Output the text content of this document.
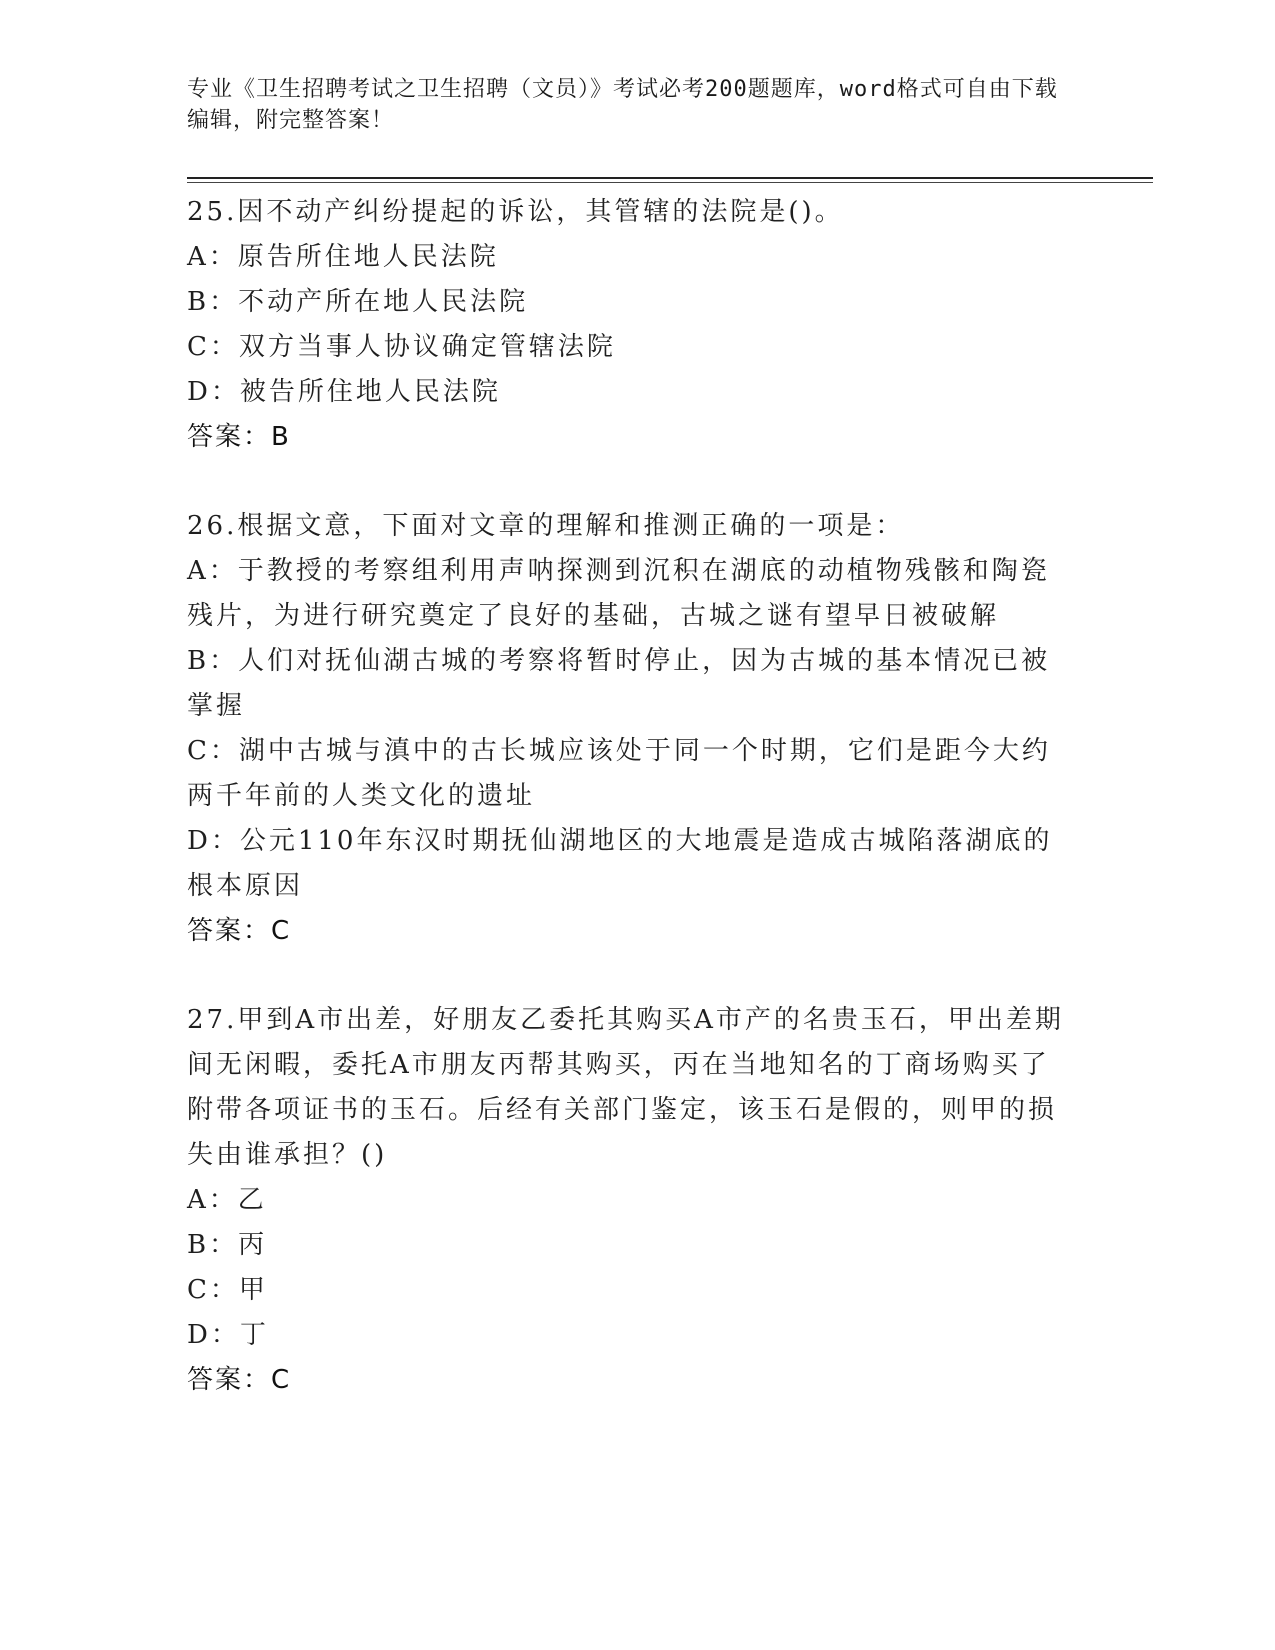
专业《卫生招聘考试之卫生招聘（文员）》考试必考200题题库，word格式可自由下载编辑，附完整答案！
25.因不动产纠纷提起的诉讼，其管辖的法院是()。
A：原告所住地人民法院
B：不动产所在地人民法院
C：双方当事人协议确定管辖法院
D：被告所住地人民法院
答案：B
26.根据文意，下面对文章的理解和推测正确的一项是：
A：于教授的考察组利用声呐探测到沉积在湖底的动植物残骸和陶瓷残片，为进行研究奠定了良好的基础，古城之谜有望早日被破解
B：人们对抚仙湖古城的考察将暂时停止，因为古城的基本情况已被掌握
C：湖中古城与滇中的古长城应该处于同一个时期，它们是距今大约两千年前的人类文化的遗址
D：公元110年东汉时期抚仙湖地区的大地震是造成古城陷落湖底的根本原因
答案：C
27.甲到A市出差，好朋友乙委托其购买A市产的名贵玉石，甲出差期间无闲暇，委托A市朋友丙帮其购买，丙在当地知名的丁商场购买了附带各项证书的玉石。后经有关部门鉴定，该玉石是假的，则甲的损失由谁承担？()
A：乙
B：丙
C：甲
D：丁
答案：C
